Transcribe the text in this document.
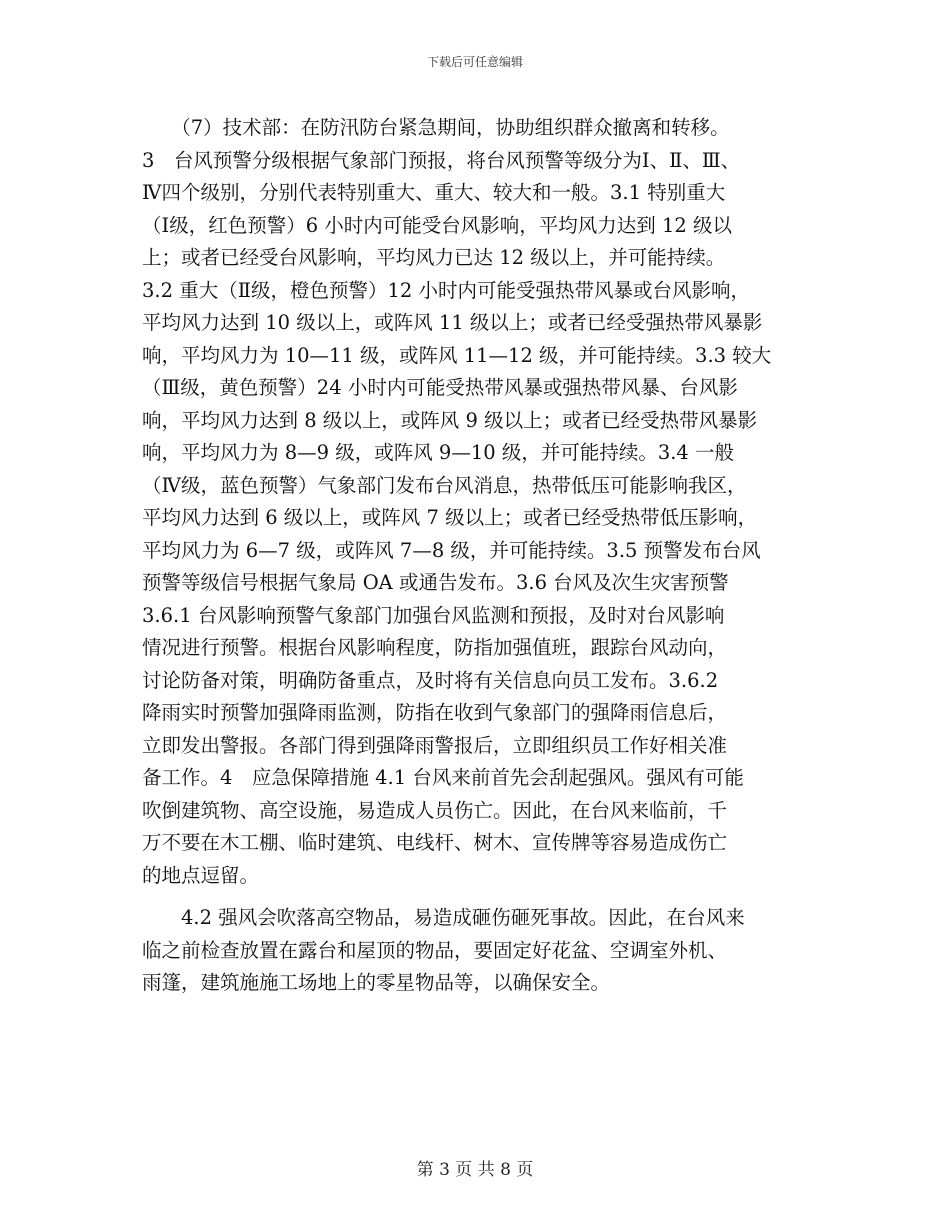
下载后可任意编辑
　　（7）技术部：在防汛防台紧急期间，协助组织群众撤离和转移。
3　台风预警分级根据气象部门预报，将台风预警等级分为Ⅰ、Ⅱ、Ⅲ、
Ⅳ四个级别，分别代表特别重大、重大、较大和一般。3.1 特别重大
（Ⅰ级，红色预警）6 小时内可能受台风影响，平均风力达到 12 级以
上；或者已经受台风影响，平均风力已达 12 级以上，并可能持续。
3.2 重大（Ⅱ级，橙色预警）12 小时内可能受强热带风暴或台风影响，
平均风力达到 10 级以上，或阵风 11 级以上；或者已经受强热带风暴影
响，平均风力为 10—11 级，或阵风 11—12 级，并可能持续。3.3 较大
（Ⅲ级，黄色预警）24 小时内可能受热带风暴或强热带风暴、台风影
响，平均风力达到 8 级以上，或阵风 9 级以上；或者已经受热带风暴影
响，平均风力为 8—9 级，或阵风 9—10 级，并可能持续。3.4 一般
（Ⅳ级，蓝色预警）气象部门发布台风消息，热带低压可能影响我区，
平均风力达到 6 级以上，或阵风 7 级以上；或者已经受热带低压影响，
平均风力为 6—7 级，或阵风 7—8 级，并可能持续。3.5 预警发布台风
预警等级信号根据气象局 OA 或通告发布。3.6 台风及次生灾害预警
3.6.1 台风影响预警气象部门加强台风监测和预报，及时对台风影响
情况进行预警。根据台风影响程度，防指加强值班，跟踪台风动向，
讨论防备对策，明确防备重点，及时将有关信息向员工发布。3.6.2
降雨实时预警加强降雨监测，防指在收到气象部门的强降雨信息后，
立即发出警报。各部门得到强降雨警报后，立即组织员工作好相关准
备工作。4　应急保障措施 4.1 台风来前首先会刮起强风。强风有可能
吹倒建筑物、高空设施，易造成人员伤亡。因此，在台风来临前，千
万不要在木工棚、临时建筑、电线杆、树木、宣传牌等容易造成伤亡
的地点逗留。
　　4.2 强风会吹落高空物品，易造成砸伤砸死事故。因此，在台风来
临之前检查放置在露台和屋顶的物品，要固定好花盆、空调室外机、
雨篷，建筑施施工场地上的零星物品等，以确保安全。
第 3 页 共 8 页
